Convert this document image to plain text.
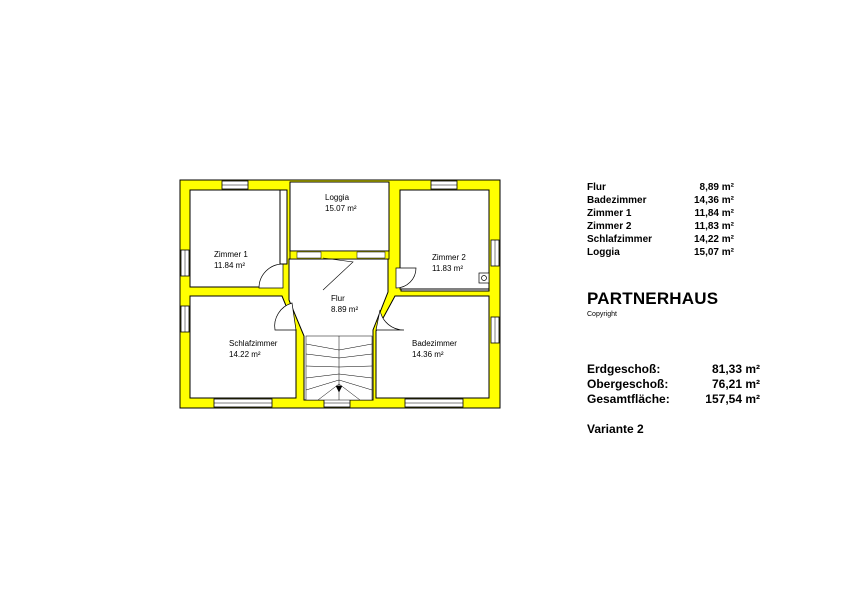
Zimmer 1
11.84 m²
Loggia
15.07 m²
Zimmer 2
11.83 m²
Flur
8.89 m²
Schlafzimmer
14.22 m²
Badezimmer
14.36 m²
Flur	8,89 m²
Badezimmer	14,36 m²
Zimmer 1	11,84 m²
Zimmer 2	11,83 m²
Schlafzimmer	14,22 m²
Loggia	15,07 m²
PARTNERHAUS
Copyright
Erdgeschoß:	81,33 m²
Obergeschoß:	76,21 m²
Gesamtfläche:	157,54 m²
Variante 2
